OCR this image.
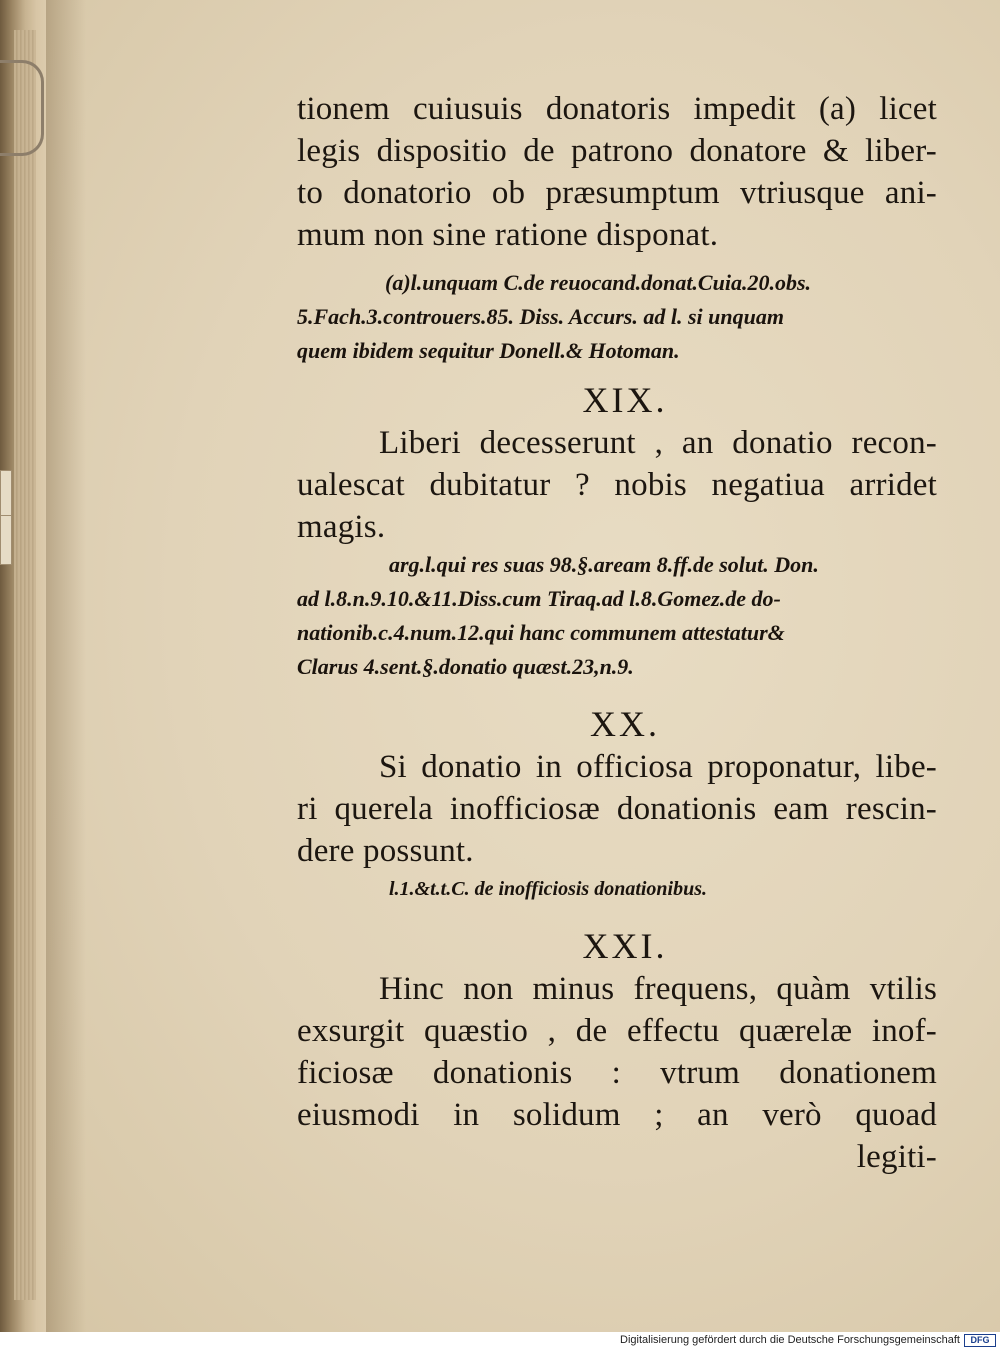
tionem cuiusuis donatoris impedit (a) licet

legis dispositio de patrono donatore & liber-

to donatorio ob præsumptum vtriusque ani-

mum non sine ratione disponat.

(a)l.unquam C.de reuocand.donat.Cuia.20.obs.

5.Fach.3.controuers.85. Diss. Accurs. ad l. si unquam

quem ibidem sequitur Donell.& Hotoman.

XIX.

Liberi decesserunt , an donatio recon-

ualescat dubitatur ? nobis negatiua arridet

magis.

arg.l.qui res suas 98.§.aream 8.ff.de solut. Don.

ad l.8.n.9.10.&11.Diss.cum Tiraq.ad l.8.Gomez.de do-

nationib.c.4.num.12.qui hanc communem attestatur&

Clarus 4.sent.§.donatio quæst.23,n.9.

XX.

Si donatio in officiosa proponatur, libe-

ri querela inofficiosæ donationis eam rescin-

dere possunt.

l.1.&t.t.C. de inofficiosis donationibus.

XXI.

Hinc non minus frequens, quàm vtilis

exsurgit quæstio , de effectu quærelæ inof-

ficiosæ donationis : vtrum donationem

eiusmodi in solidum ; an verò quoad

legiti-

Digitalisierung gefördert durch die Deutsche Forschungsgemeinschaft	DFG
